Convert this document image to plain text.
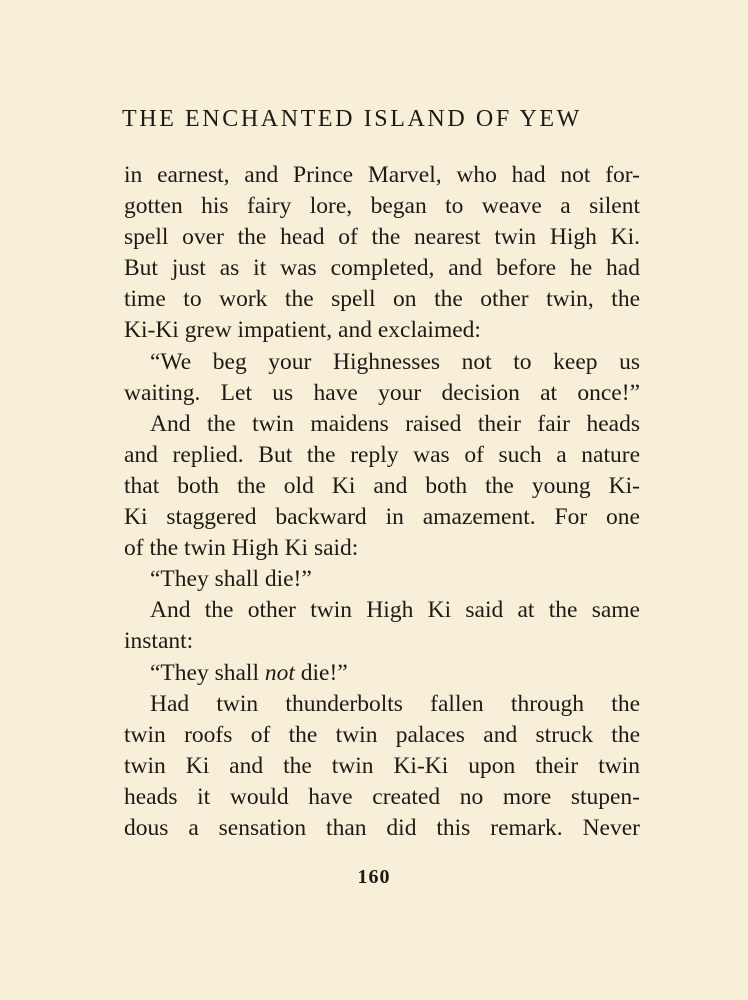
THE ENCHANTED ISLAND OF YEW
in earnest, and Prince Marvel, who had not for-
gotten his fairy lore, began to weave a silent
spell over the head of the nearest twin High Ki.
But just as it was completed, and before he had
time to work the spell on the other twin, the
Ki-Ki grew impatient, and exclaimed:
“We beg your Highnesses not to keep us
waiting. Let us have your decision at once!”
And the twin maidens raised their fair heads
and replied. But the reply was of such a nature
that both the old Ki and both the young Ki-
Ki staggered backward in amazement. For one
of the twin High Ki said:
“They shall die!”
And the other twin High Ki said at the same
instant:
“They shall not die!”
Had twin thunderbolts fallen through the
twin roofs of the twin palaces and struck the
twin Ki and the twin Ki-Ki upon their twin
heads it would have created no more stupen-
dous a sensation than did this remark. Never
160
